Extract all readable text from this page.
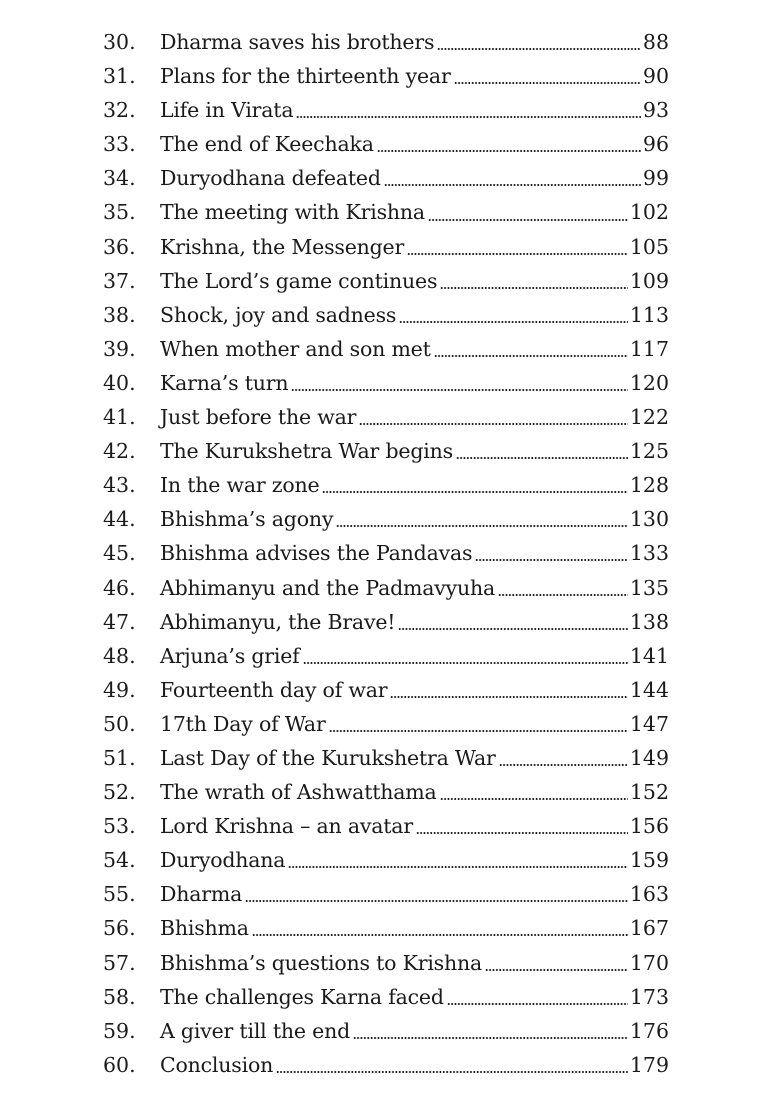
30. Dharma saves his brothers	88
31. Plans for the thirteenth year	90
32. Life in Virata	93
33. The end of Keechaka	96
34. Duryodhana defeated	99
35. The meeting with Krishna	102
36. Krishna, the Messenger	105
37. The Lord’s game continues	109
38. Shock, joy and sadness	113
39. When mother and son met	117
40. Karna’s turn	120
41. Just before the war	122
42. The Kurukshetra War begins	125
43. In the war zone	128
44. Bhishma’s agony	130
45. Bhishma advises the Pandavas	133
46. Abhimanyu and the Padmavyuha	135
47. Abhimanyu, the Brave!	138
48. Arjuna’s grief	141
49. Fourteenth day of war	144
50. 17th Day of War	147
51. Last Day of the Kurukshetra War	149
52. The wrath of Ashwatthama	152
53. Lord Krishna – an avatar	156
54. Duryodhana	159
55. Dharma	163
56. Bhishma	167
57. Bhishma’s questions to Krishna	170
58. The challenges Karna faced	173
59. A giver till the end	176
60. Conclusion	179
